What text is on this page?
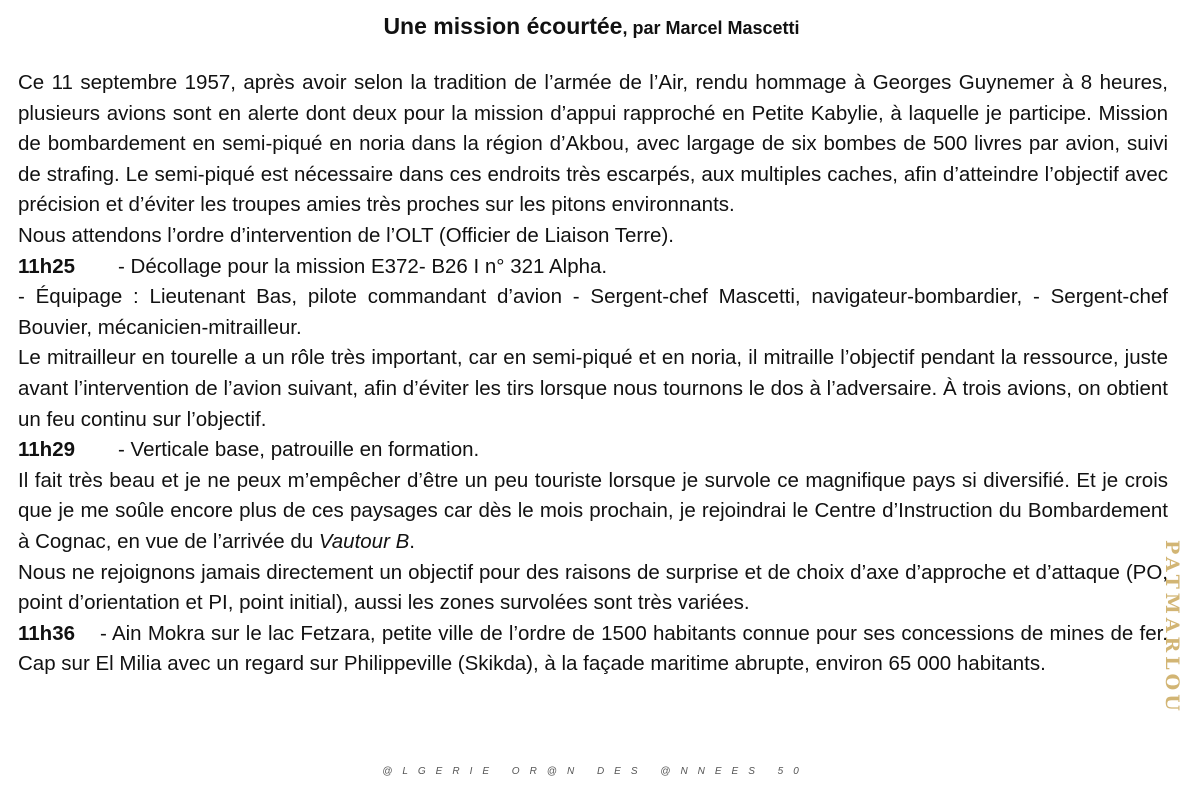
Une mission écourtée, par Marcel Mascetti

Ce 11 septembre 1957, après avoir selon la tradition de l’armée de l’Air, rendu hommage à Georges Guynemer à 8 heures, plusieurs avions sont en alerte dont deux pour la mission d’appui rapproché en Petite Kabylie, à laquelle je participe. Mission de bombardement en semi-piqué en noria dans la région d’Akbou, avec largage de six bombes de 500 livres par avion, suivi de strafing. Le semi-piqué est nécessaire dans ces endroits très escarpés, aux multiples caches, afin d’atteindre l’objectif avec précision et d’éviter les troupes amies très proches sur les pitons environnants.

Nous attendons l’ordre d’intervention de l’OLT (Officier de Liaison Terre).

11h25	- Décollage pour la mission E372- B26 I n° 321 Alpha.

- Équipage : Lieutenant Bas, pilote commandant d’avion - Sergent-chef Mascetti, navigateur-bombardier, - Sergent-chef Bouvier, mécanicien-mitrailleur.

Le mitrailleur en tourelle a un rôle très important, car en semi-piqué et en noria, il mitraille l’objectif pendant la ressource, juste avant l’intervention de l’avion suivant, afin d’éviter les tirs lorsque nous tournons le dos à l’adversaire. À trois avions, on obtient un feu continu sur l’objectif.

11h29	- Verticale base, patrouille en formation.

Il fait très beau et je ne peux m’empêcher d’être un peu touriste lorsque je survole ce magnifique pays si diversifié. Et je crois que je me soûle encore plus de ces paysages car dès le mois prochain, je rejoindrai le Centre d’Instruction du Bombardement à Cognac, en vue de l’arrivée du Vautour B.

Nous ne rejoignons jamais directement un objectif pour des raisons de surprise et de choix d’axe d’approche et d’attaque (PO, point d’orientation et PI, point initial), aussi les zones survolées sont très variées.

11h36 - Ain Mokra sur le lac Fetzara, petite ville de l’ordre de 1500 habitants connue pour ses concessions de mines de fer. Cap sur El Milia avec un regard sur Philippeville (Skikda), à la façade maritime abrupte, environ 65 000 habitants.

@LGERIE OR@N DES @NNEES 50
PATMARLOU
